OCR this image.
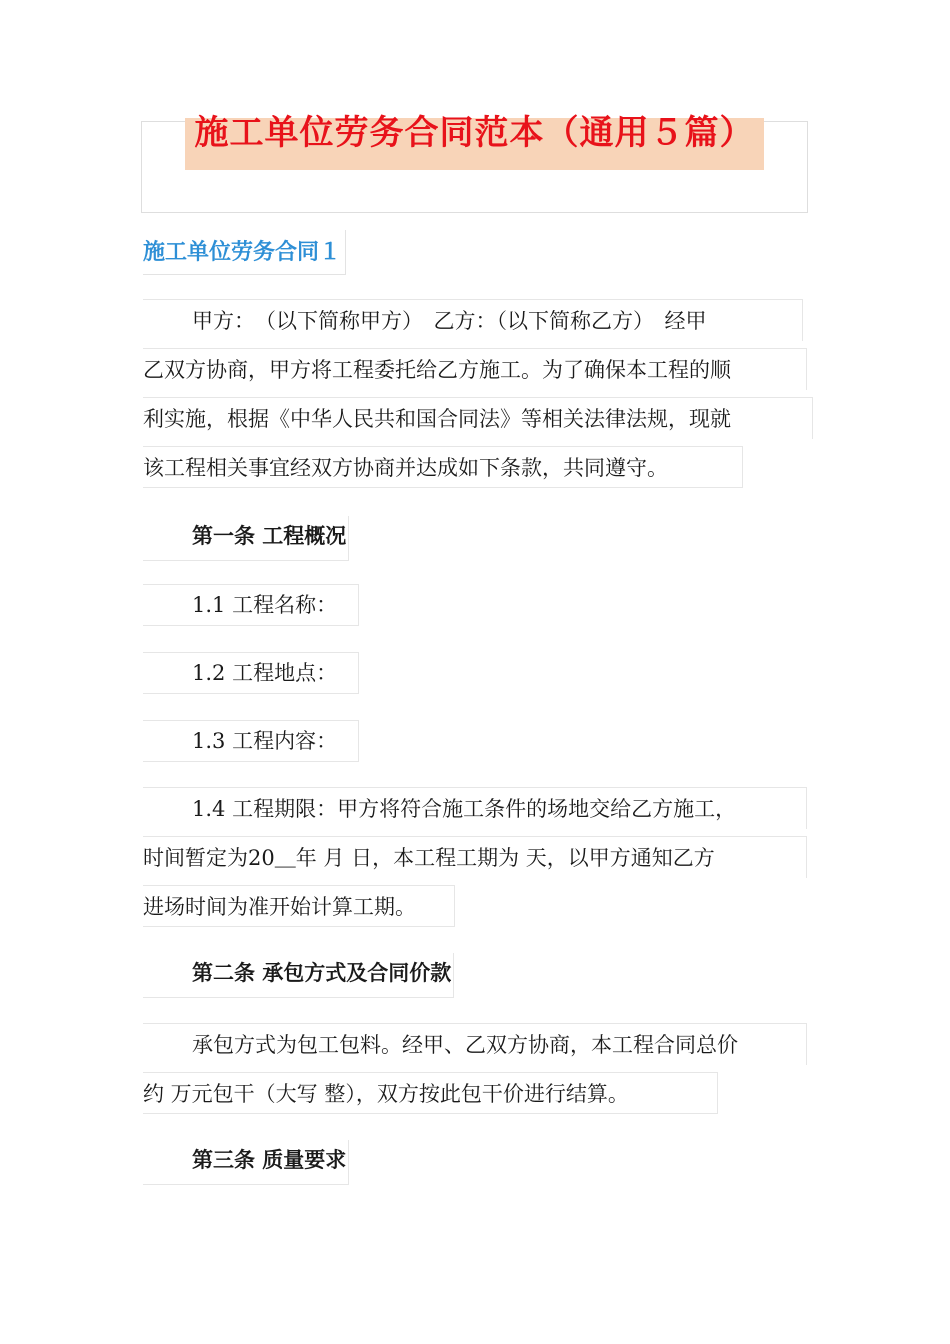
施工单位劳务合同范本（通用５篇）
施工单位劳务合同１
甲方：　（以下简称甲方）　乙方：（以下简称乙方）　经甲
乙双方协商，甲方将工程委托给乙方施工。为了确保本工程的顺
利实施，根据《中华人民共和国合同法》等相关法律法规，现就
该工程相关事宜经双方协商并达成如下条款，共同遵守。
第一条 工程概况
1.1 工程名称：
1.2 工程地点：
1.3 工程内容：
1.4 工程期限：甲方将符合施工条件的场地交给乙方施工，
时间暂定为20＿年 月 日，本工程工期为 天，以甲方通知乙方
进场时间为准开始计算工期。
第二条 承包方式及合同价款
承包方式为包工包料。经甲、乙双方协商，本工程合同总价
约 万元包干（大写 整），双方按此包干价进行结算。
第三条 质量要求
